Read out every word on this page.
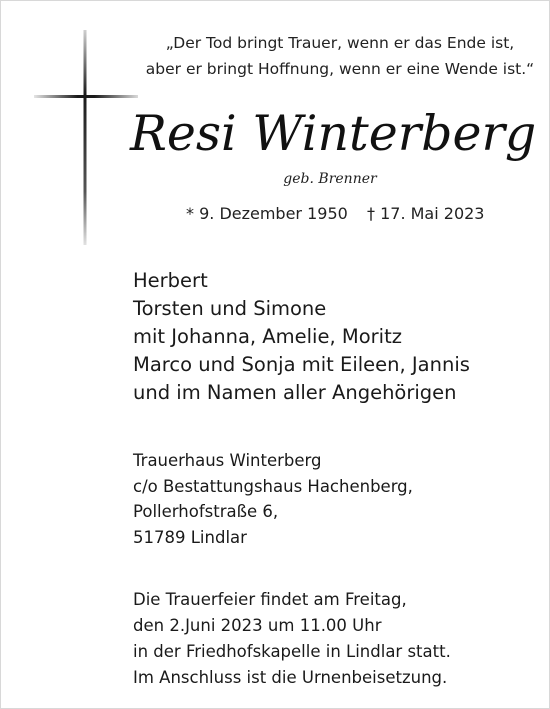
„Der Tod bringt Trauer, wenn er das Ende ist,
aber er bringt Hoffnung, wenn er eine Wende ist.“
Resi Winterberg
geb. Brenner
* 9. Dezember 1950 † 17. Mai 2023
Herbert
Torsten und Simone
mit Johanna, Amelie, Moritz
Marco und Sonja mit Eileen, Jannis
und im Namen aller Angehörigen
Trauerhaus Winterberg
c/o Bestattungshaus Hachenberg,
Pollerhofstraße 6,
51789 Lindlar
Die Trauerfeier findet am Freitag,
den 2.Juni 2023 um 11.00 Uhr
in der Friedhofskapelle in Lindlar statt.
Im Anschluss ist die Urnenbeisetzung.
